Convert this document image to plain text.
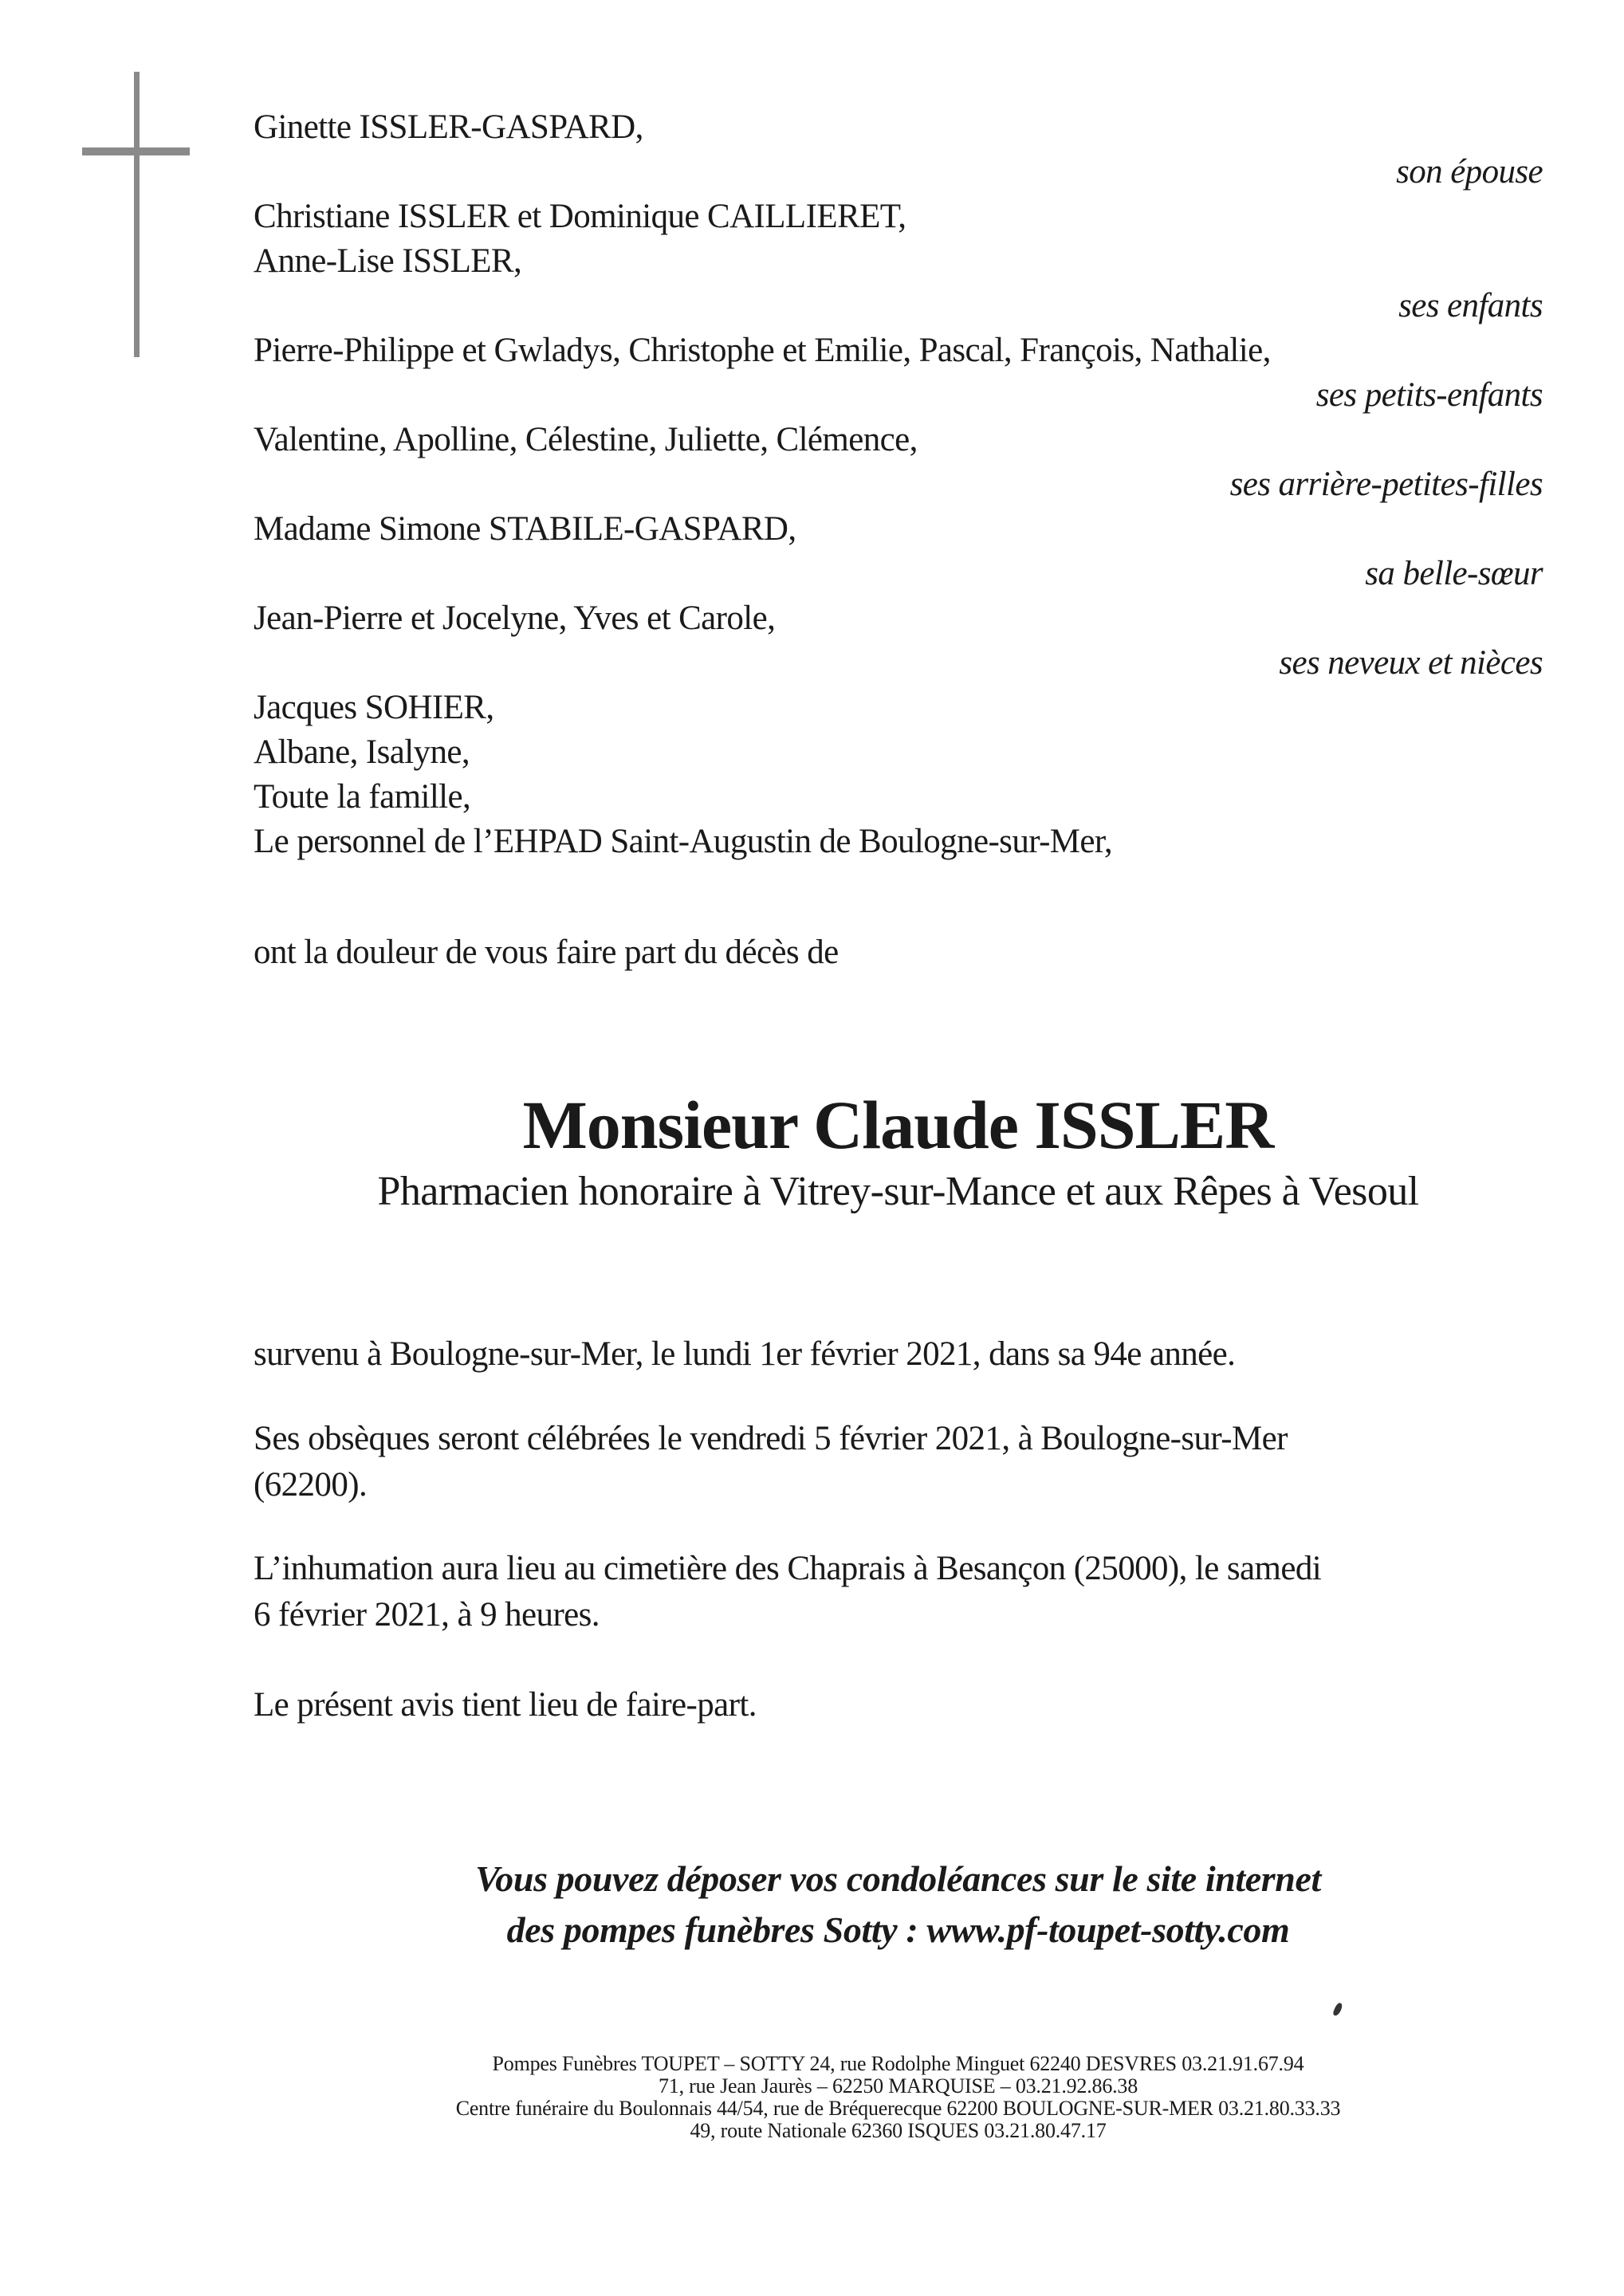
Ginette ISSLER-GASPARD,
son épouse
Christiane ISSLER et Dominique CAILLIERET,
Anne-Lise ISSLER,
ses enfants
Pierre-Philippe et Gwladys, Christophe et Emilie, Pascal, François, Nathalie,
ses petits-enfants
Valentine, Apolline, Célestine, Juliette, Clémence,
ses arrière-petites-filles
Madame Simone STABILE-GASPARD,
sa belle-sœur
Jean-Pierre et Jocelyne, Yves et Carole,
ses neveux et nièces
Jacques SOHIER,
Albane, Isalyne,
Toute la famille,
Le personnel de l’EHPAD Saint-Augustin de Boulogne-sur-Mer,
ont la douleur de vous faire part du décès de
Monsieur Claude ISSLER
Pharmacien honoraire à Vitrey-sur-Mance et aux Rêpes à Vesoul
survenu à Boulogne-sur-Mer, le lundi 1er février 2021, dans sa 94e année.
Ses obsèques seront célébrées le vendredi 5 février 2021, à Boulogne-sur-Mer
(62200).
L’inhumation aura lieu au cimetière des Chaprais à Besançon (25000), le samedi
6 février 2021, à 9 heures.
Le présent avis tient lieu de faire-part.
Vous pouvez déposer vos condoléances sur le site internet
des pompes funèbres Sotty : www.pf-toupet-sotty.com
Pompes Funèbres TOUPET – SOTTY 24, rue Rodolphe Minguet 62240 DESVRES 03.21.91.67.94
71, rue Jean Jaurès – 62250 MARQUISE – 03.21.92.86.38
Centre funéraire du Boulonnais 44/54, rue de Bréquerecque 62200 BOULOGNE-SUR-MER 03.21.80.33.33
49, route Nationale 62360 ISQUES 03.21.80.47.17
